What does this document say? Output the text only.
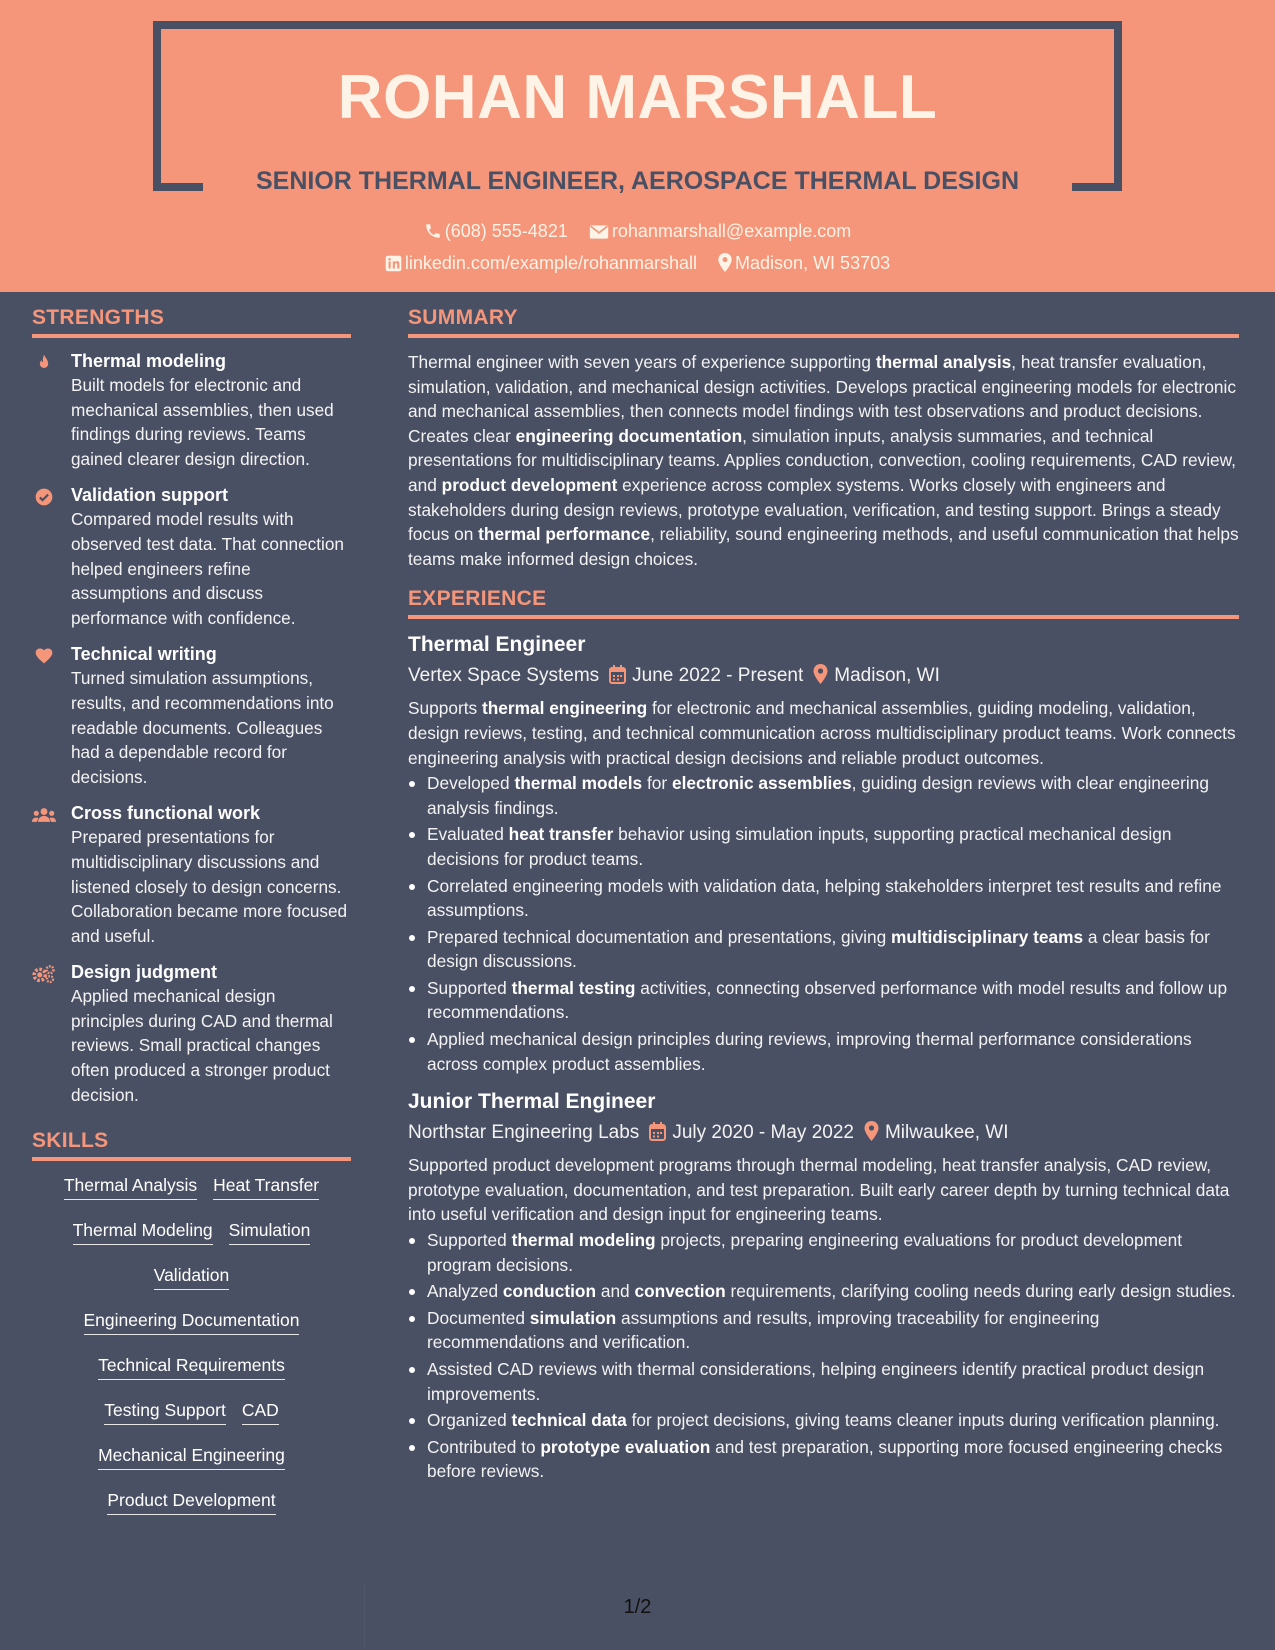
ROHAN MARSHALL
SENIOR THERMAL ENGINEER, AEROSPACE THERMAL DESIGN
(608) 555-4821 rohanmarshall@example.com
linkedin.com/example/rohanmarshall Madison, WI 53703
STRENGTHS
Thermal modeling
Built models for electronic and mechanical assemblies, then used findings during reviews. Teams gained clearer design direction.
Validation support
Compared model results with observed test data. That connection helped engineers refine assumptions and discuss performance with confidence.
Technical writing
Turned simulation assumptions, results, and recommendations into readable documents. Colleagues had a dependable record for decisions.
Cross functional work
Prepared presentations for multidisciplinary discussions and listened closely to design concerns. Collaboration became more focused and useful.
Design judgment
Applied mechanical design principles during CAD and thermal reviews. Small practical changes often produced a stronger product decision.
SKILLS
Thermal Analysis Heat Transfer
Thermal Modeling Simulation
Validation
Engineering Documentation
Technical Requirements
Testing Support CAD
Mechanical Engineering
Product Development
SUMMARY
Thermal engineer with seven years of experience supporting thermal analysis, heat transfer evaluation, simulation, validation, and mechanical design activities. Develops practical engineering models for electronic and mechanical assemblies, then connects model findings with test observations and product decisions. Creates clear engineering documentation, simulation inputs, analysis summaries, and technical presentations for multidisciplinary teams. Applies conduction, convection, cooling requirements, CAD review, and product development experience across complex systems. Works closely with engineers and stakeholders during design reviews, prototype evaluation, verification, and testing support. Brings a steady focus on thermal performance, reliability, sound engineering methods, and useful communication that helps teams make informed design choices.
EXPERIENCE
Thermal Engineer
Vertex Space Systems June 2022 - Present Madison, WI
Supports thermal engineering for electronic and mechanical assemblies, guiding modeling, validation, design reviews, testing, and technical communication across multidisciplinary product teams. Work connects engineering analysis with practical design decisions and reliable product outcomes.
Developed thermal models for electronic assemblies, guiding design reviews with clear engineering analysis findings.
Evaluated heat transfer behavior using simulation inputs, supporting practical mechanical design decisions for product teams.
Correlated engineering models with validation data, helping stakeholders interpret test results and refine assumptions.
Prepared technical documentation and presentations, giving multidisciplinary teams a clear basis for design discussions.
Supported thermal testing activities, connecting observed performance with model results and follow up recommendations.
Applied mechanical design principles during reviews, improving thermal performance considerations across complex product assemblies.
Junior Thermal Engineer
Northstar Engineering Labs July 2020 - May 2022 Milwaukee, WI
Supported product development programs through thermal modeling, heat transfer analysis, CAD review, prototype evaluation, documentation, and test preparation. Built early career depth by turning technical data into useful verification and design input for engineering teams.
Supported thermal modeling projects, preparing engineering evaluations for product development program decisions.
Analyzed conduction and convection requirements, clarifying cooling needs during early design studies.
Documented simulation assumptions and results, improving traceability for engineering recommendations and verification.
Assisted CAD reviews with thermal considerations, helping engineers identify practical product design improvements.
Organized technical data for project decisions, giving teams cleaner inputs during verification planning.
Contributed to prototype evaluation and test preparation, supporting more focused engineering checks before reviews.
1/2
